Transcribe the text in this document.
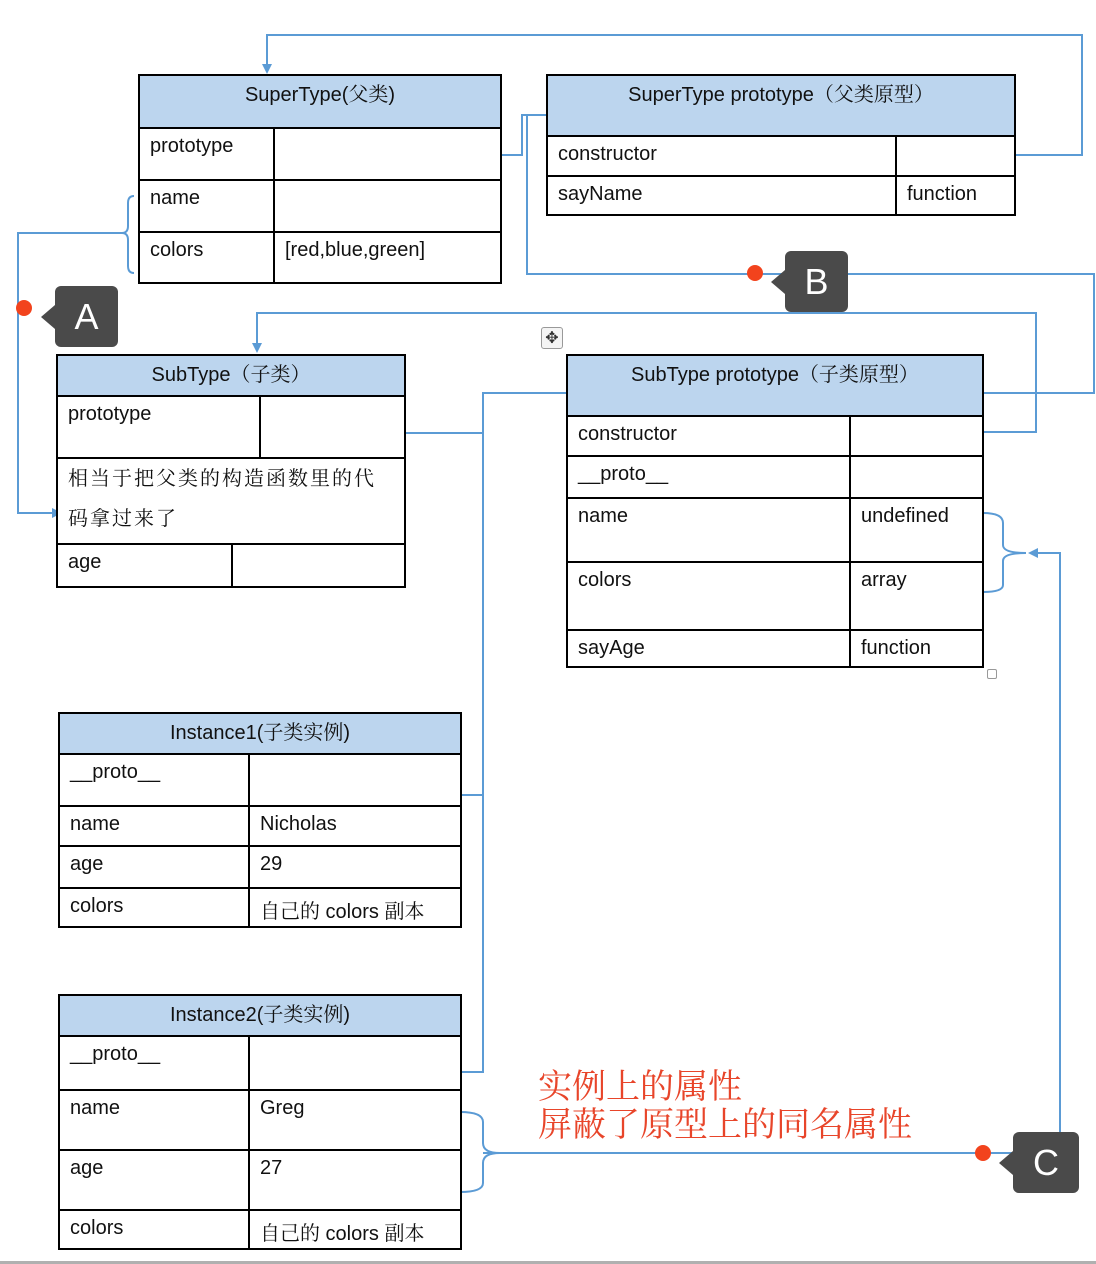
SuperType(父类)
prototype
name
colors	[red,blue,green]
SuperType prototype（父类原型）
constructor
sayName	function
SubType（子类）
prototype
相当于把父类的构造函数里的代码拿过来了
age
SubType prototype（子类原型）
constructor
__proto__
name	undefined
colors	array
sayAge	function
✥
Instance1(子类实例)
__proto__
name	Nicholas
age	29
colors	自己的 colors 副本
Instance2(子类实例)
__proto__
name	Greg
age	27
colors	自己的 colors 副本
A
B
C
实例上的属性
屏蔽了原型上的同名属性
